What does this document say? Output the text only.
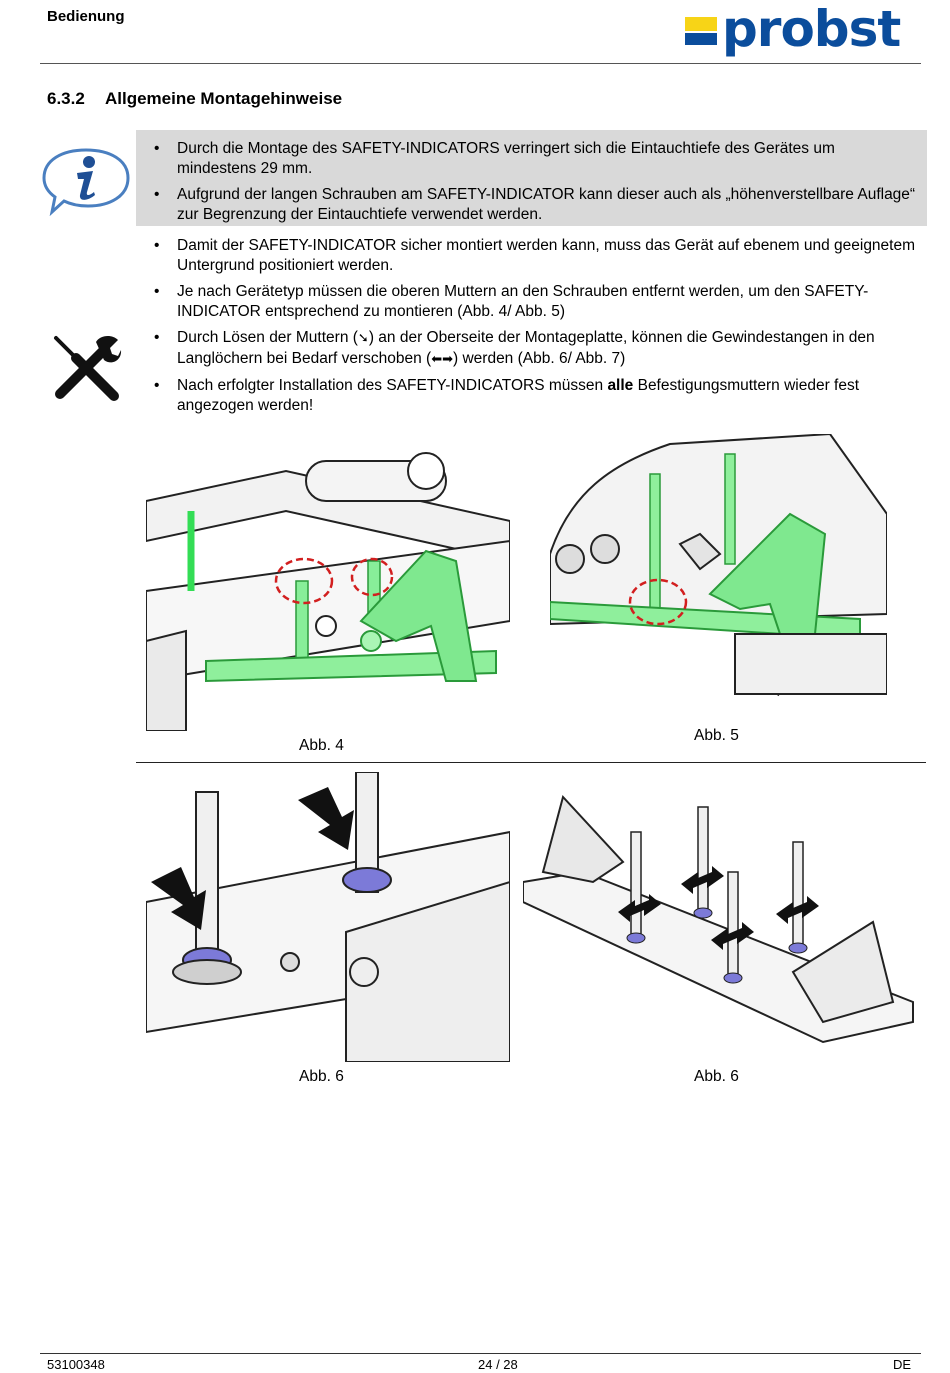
Bedienung	probst
6.3.2 Allgemeine Montagehinweise
• Durch die Montage des SAFETY-INDICATORS verringert sich die Eintauchtiefe des Gerätes um mindestens 29 mm.
• Aufgrund der langen Schrauben am SAFETY-INDICATOR kann dieser auch als „höhenverstellbare Auflage“ zur Begrenzung der Eintauchtiefe verwendet werden.
• Damit der SAFETY-INDICATOR sicher montiert werden kann, muss das Gerät auf ebenem und geeignetem Untergrund positioniert werden.
• Je nach Gerätetyp müssen die oberen Muttern an den Schrauben entfernt werden, um den SAFETY-INDICATOR entsprechend zu montieren (Abb. 4/ Abb. 5)
• Durch Lösen der Muttern (➘) an der Oberseite der Montageplatte, können die Gewindestangen in den Langlöchern bei Bedarf verschoben (⬅➡) werden (Abb. 6/ Abb. 7)
• Nach erfolgter Installation des SAFETY-INDICATORS müssen alle Befestigungsmuttern wieder fest angezogen werden!
Abb. 4
Abb. 5
Abb. 6	Abb. 6
53100348	24 / 28	DE
